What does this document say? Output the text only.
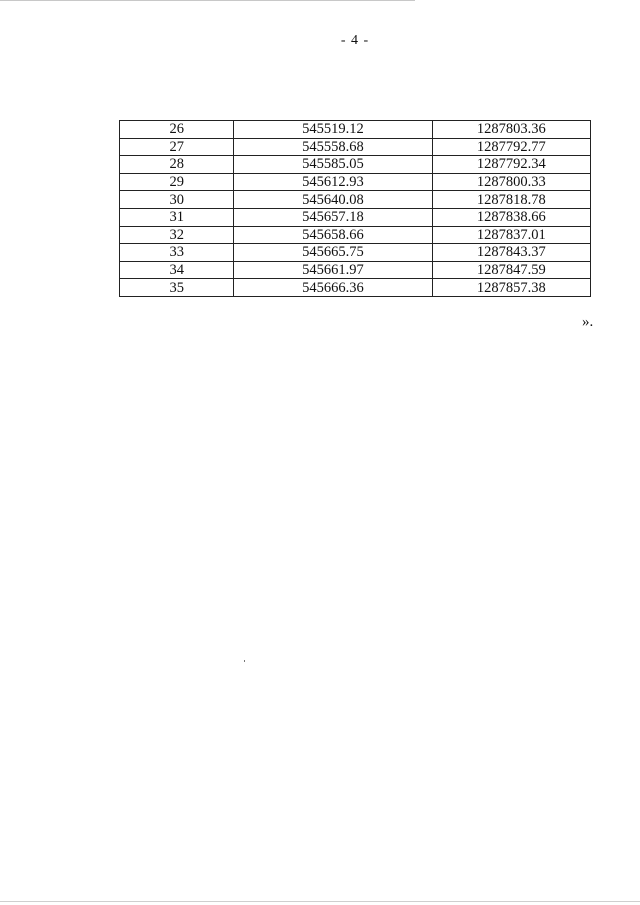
- 4 -
26	545519.12	1287803.36
27	545558.68	1287792.77
28	545585.05	1287792.34
29	545612.93	1287800.33
30	545640.08	1287818.78
31	545657.18	1287838.66
32	545658.66	1287837.01
33	545665.75	1287843.37
34	545661.97	1287847.59
35	545666.36	1287857.38
».
